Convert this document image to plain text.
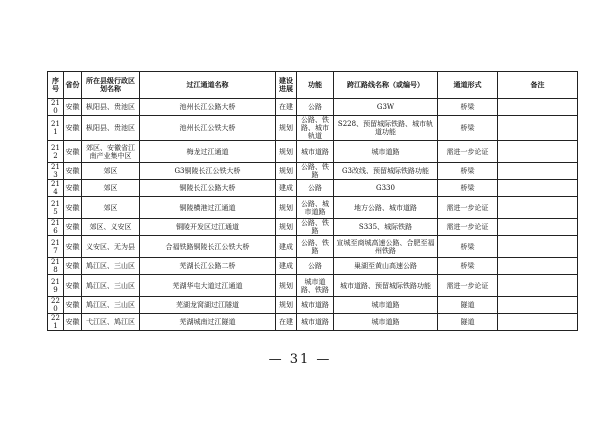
序号	省份	所在县级行政区划名称	过江通道名称	建设进展	功能	跨江路线名称（或编号）	通道形式	备注
210	安徽	枞阳县、贵池区	池州长江公路大桥	在建	公路	G3W	桥梁	
211	安徽	枞阳县、贵池区	池州长江公铁大桥	规划	公路、铁路、城市轨道	S228、预留城际铁路、城市轨道功能	桥梁	
212	安徽	郊区、安徽省江南产业集中区	梅龙过江通道	规划	城市道路	城市道路	需进一步论证	
213	安徽	郊区	G3铜陵长江公铁大桥	规划	公路、铁路	G3改线、预留城际铁路功能	桥梁	
214	安徽	郊区	铜陵长江公路大桥	建成	公路	G330	桥梁	
215	安徽	郊区	铜陵横港过江通道	规划	公路、城市道路	地方公路、城市道路	需进一步论证	
216	安徽	郊区、义安区	铜陵开发区过江通道	规划	公路、铁路	S335、城际铁路	需进一步论证	
217	安徽	义安区、无为县	合福铁路铜陵长江公铁大桥	建成	公路、铁路	宣城至商城高速公路、合肥至福州铁路	桥梁	
218	安徽	鸠江区、三山区	芜湖长江公路二桥	建成	公路	巢湖至黄山高速公路	桥梁	
219	安徽	鸠江区、三山区	芜湖华屯大道过江通道	规划	城市道路、铁路	城市道路、预留城际铁路功能	需进一步论证	
220	安徽	鸠江区、三山区	芜湖龙窝湖过江隧道	规划	城市道路	城市道路	隧道	
221	安徽	弋江区、鸠江区	芜湖城南过江隧道	在建	城市道路	城市道路	隧道	
— 31 —
